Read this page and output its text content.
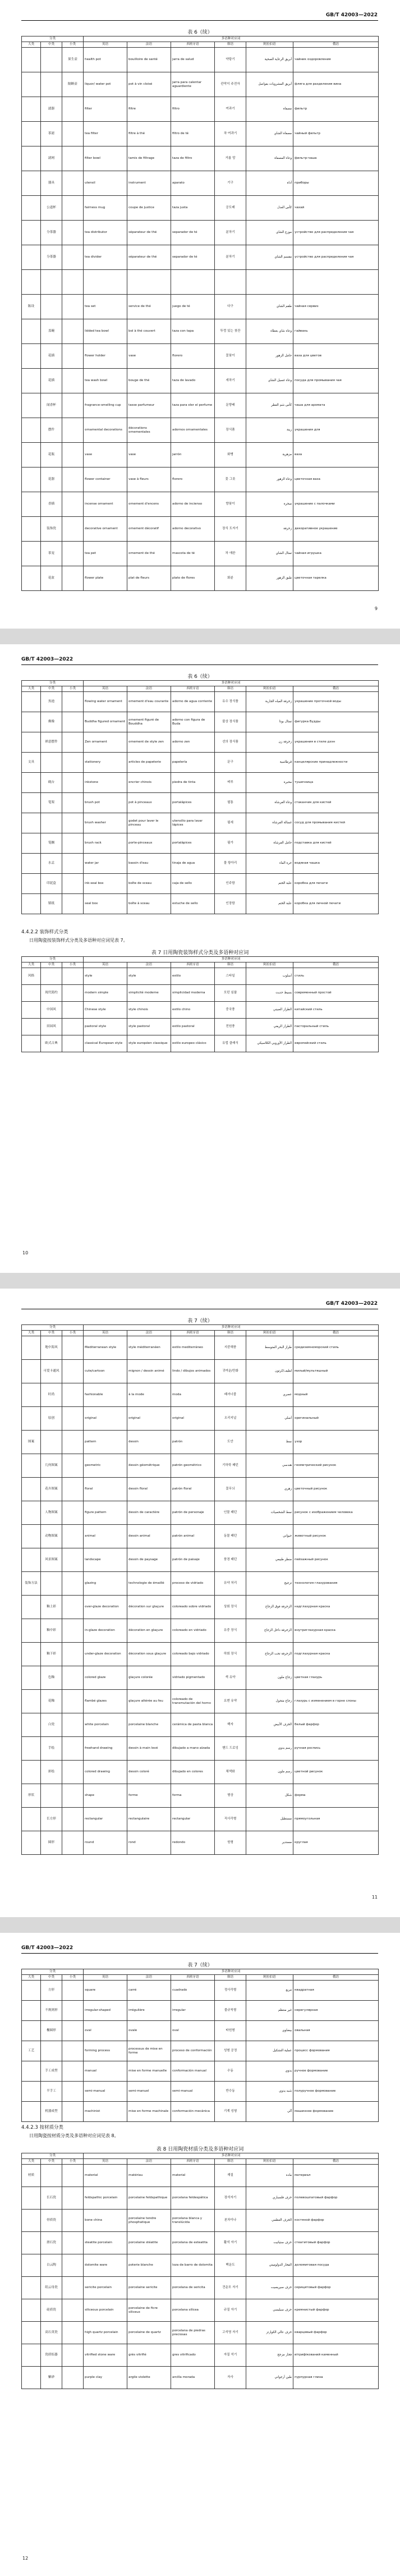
GB/T 42003—2022
表 6（续）
分类			多语种对应词					
大类	中类	小类	英语	法语	西班牙语	韩语	阿拉伯语	俄语
		果生壶	health pot	bouilloire de santé	jarra de salud	약탕기	أبريق الرعاية الصحية	чайник оздоровления
		隔断壶	liquor/ water pot	pot à vin cloisé	jarra para calentar aguardiente	칸막이 주전자	أبريق المشروبات بفواصل	фляга для разделения вина
	滤器		filter	filtre	filtro	여과기	مصفاة	фильтр
	茶滤		tea filter	filtre à thé	filtro de té	차 여과기	مصفاة الشاي	чайный фильтр
	滤网		filter bowl	tamis de filtrage	taza de filtro	거름 망	وعاء المصفاة	фильтр-чаша
	器具		utensil	instrument	aparato	기구	أداة	приборы
	公道杯		fairness mug	coupe de justice	taza justa	공도배	كأس العدل	чахай
	分茶器		tea distributor	séparateur de thé	separador de té	분차기	موزع الشاي	устройство для распределения чая
	分茶器		tea divider	séparateur de thé	separador de té	분차기	مقسم الشاي	устройство для распределения чая

陈设			tea set	service de thé	juego de té	다구	طقم الشاي	чайная сервиз
	盖碗		lidded tea bowl	bol à thé couvert	taza con tapa	뚜껑 있는 찻잔	وعاء شاي بغطاء	гайвань
	花插		flower holder	vase	florero	꽃꽂이	حامل الزهور	ваза для цветов
	花插		tea wash bowl	bouge de thé	taza de lavado	세차기	وعاء غسيل الشاي	посуда для промывания чая
	闻香杯		fragrance-smelling cup	tasse parfumeur	taza para oler el perfume	문향배	كأس شم العطر	чаша для аромата
	摆件		ornamental decorations	décorations ornementales	adornos ornamentales	장식품	زينة	украшения для
	花瓶		vase	vase	jarrón	화병	مزهرية	ваза
	花器		flower container	vase à fleurs	florero	꽃 그릇	وعاء الزهور	цветочная ваза
	香插		incense ornament	ornement d'encens	adorno de incienso	향꽂이	مبخرة	украшение с палочками
	装饰瓷		decorative ornament	ornement décoratif	adorno decorativo	장식 도자기	زخرفة	декоративное украшение
	茶宠		tea pet	ornement de thé	mascota de té	차 애완	تمثال الشاي	чайная игрушка
	花盆		flower plate	plat de fleurs	plato de flores	화분	طبق الزهور	цветочная тарелка
9
GB/T 42003—2022
表 6（续）
分类			多语种对应词					
大类	中类	小类	英语	法语	西班牙语	韩语	阿拉伯语	俄语
	魚池		flowing water ornament	ornement d'eau courante	adorno de agua corriente	유수 장식품	زخرفة المياه الجارية	украшение проточной воды
	佛像		Buddha figured ornament	ornement figuré de Bouddha	adorno con figura de Buda	불상 장식품	تمثال بوذا	фигурка Будды
	禅意摆件		Zen ornament	ornement de style zen	adorno zen	선의 장식품	زخرفة زن	украшения в стиле дзэн
文具			stationery	articles de papeterie	papelería	문구	قرطاسية	канцелярские принадлежности
	砚台		inkstone	encrier chinois	piedra de tinta	벼루	محبرة	тушечница
	笔架		brush pot	pot à pinceaux	portalápices	필통	وعاء الفرشاة	стаканчик для кистей
			brush washer	godet pour laver le pinceau	utensilio para lavar lápices	필세	غسالة الفرشاة	сосуд для промывания кистей
	笔搁		brush rack	porte-pinceaux	portalápices	필가	حامل الفرشاة	подставка для кистей
	水盂		water jar	bassin d'eau	tinaja de agua	물 항아리	جرة الماء	водяная чашка
	印泥盒		ink-seal box	boîte de sceau	caja de sello	인주함	علبة الختم	коробка для печати
	镇纸		seal box	boîte à sceau	estuche de sello	인장함	علبة الختم	коробка для личной печати
4.4.2.2 装饰样式分类
日用陶瓷按装饰样式分类及多语种对应词见表 7。
表 7 日用陶瓷装饰样式分类及多语种对应词
分类			多语种对应词					
大类	中类	小类	英语	法语	西班牙语	韩语	阿拉伯语	俄语
风格			style	style	estilo	스타일	أسلوب	стиль
	现代简约		modern simple	simplicité moderne	simplicidad moderna	모던 심플	بسيط حديث	современный простой
	中国风		Chinese style	style chinois	estilo chino	중국풍	الطراز الصيني	китайский стиль
	田园风		pastoral style	style pastoral	estilo pastoral	전원풍	الطراز الريفي	пасторальный стиль
	欧式古典		classical European style	style européen classique	estilo europeo clásico	유럽 클래식	الطراز الأوروبي الكلاسيكي	европейский стиль
10
GB/T 42003—2022
表 7（续）
分类			多语种对应词					
大类	中类	小类	英语	法语	西班牙语	韩语	阿拉伯语	俄语
	地中海风		Mediterranean style	style méditerranéen	estilo mediterráneo	지중해풍	طراز البحر المتوسط	средиземноморский стиль
	可爱卡通风		cute/cartoon	mignon / dessin animé	lindo / dibujos animados	귀여운/만화	لطيف/كرتون	милый/мультяшный
	时尚		fashionable	à la mode	moda	패셔너블	عصري	модный
	原创		original	original	original	오리지널	أصلي	оригинальный
图案			pattern	dessin	patrón	도안	نمط	узор
	几何图案		geometric	dessin géométrique	patrón geométrico	기하학 패턴	هندسي	геометрический рисунок
	花卉图案		floral	dessin floral	patrón floral	꽃무늬	زهري	цветочный рисунок
	人物图案		figure pattern	dessin de caractère	patrón de personaje	인물 패턴	نمط الشخصيات	рисунок с изображением человека
	动物图案		animal	dessin animal	patrón animal	동물 패턴	حيواني	животный рисунок
	风景图案		landscape	dessin de paysage	patrón de paisaje	풍경 패턴	منظر طبيعي	пейзажный рисунок
装饰方法			glazing	technologie de émaillé	proceso de vidriado	유약 처리	تزجيج	технология глазурования
	釉上彩		over-glaze decoration	décoration sur glaçure	coloreado sobre vidriado	상회 장식	الزخرفة فوق الزجاج	надглазурная краска
	釉中彩		in-glaze decoration	décoration en glaçure	coloreado en vidriado	유중 장식	الزخرفة داخل الزجاج	внутриглазурная краска
	釉下彩		under-glaze decoration	décoration sous glaçure	coloreado bajo vidriado	하회 장식	الزخرفة تحت الزجاج	подглазурная краска
	色釉		colored glaze	glaçure colorée	vidriado pigmentado	색 유약	زجاج ملون	цветная глазурь
	花釉		flambé glazes	glaçure altérée au feu	coloreado de transmutación del horno	요변 유약	زجاج متحول	глазурь с изменением в горне слоны
	白瓷		white porcelain	porcelaine blanche	cerámica de pasta blanca	백자	الخزف الأبيض	белый фарфор
	手绘		freehand drawing	dessin à main levé	dibujado a mano alzada	핸드 드로잉	رسم يدوي	ручная роспись
	彩绘		colored drawing	dessin coloré	dibujado en colores	채색화	رسم ملون	цветной рисунок
形状			shape	forme	forma	형상	شكل	форма
	长方形		rectangular	rectangulaire	rectangular	직사각형	مستطيل	прямоугольная
	圆形		round	rond	redondo	원형	مستدير	круглая
11
GB/T 42003—2022
表 7（续）
分类			多语种对应词					
大类	中类	小类	英语	法语	西班牙语	韩语	阿拉伯语	俄语
	方形		square	carré	cuadrado	정사각형	مربع	квадратная
	不规则形		irregular-shaped	irrégulière	irregular	불규칙형	غير منتظم	нерегулярная
	椭圆形		oval	ovale	oval	타원형	بيضاوي	овальная
工艺			forming process	processus de mise en forme	proceso de conformación	성형 공정	عملية التشكيل	процесс формования
	手工成型		manual	mise en forme manuelle	conformación manual	수동	يدوي	ручное формование
	半手工		semi-manual	semi-manuel	semi-manual	반수동	شبه يدوي	полуручное формование
	机器成型		machinist	mise en forme machinale	conformación mecánica	기계 성형	آلي	машинное формование
4.4.2.3 按材质分类
日用陶瓷按材质分类及多语种对应词见表 8。
表 8 日用陶瓷材质分类及多语种对应词
分类			多语种对应词					
大类	中类	小类	英语	法语	西班牙语	韩语	阿拉伯语	俄语
材质			material	matériau	material	재질	مادة	материал
	长石瓷		feldspathic porcelain	porcelaine feldspathique	porcelana feldespática	장석자기	خزف فلسباري	полевошпатовый фарфор
	骨质瓷		bone china	porcelaine tendre phosphatique	porcelana blanca y translúcida	본차이나	الخزف العظمي	костяной фарфор
	滑石瓷		steatite porcelain	porcelaine stéatite	porcelana de esteatita	활석 자기	خزف ستياتيت	стеатитовый фарфор
	白云陶		dolomite ware	poterie blanche	loza de barro de dolomita	백운도	الفخار الدولوميتي	доломитовая посуда
	绢云母瓷		sericite porcelain	porcelaine sericite	porcelana de sericita	견운모 자기	خزف سيريسيت	серицитовый фарфор
	硅质瓷		siliceous porcelain	porcelaine de ficre siliceux	porcelana silícea	규질 자기	خزف سيليسي	кремнистый фарфор
	高石英瓷		high quartz porcelain	porcelaine de quartz	porcelana de piedras preciosas	고석영 자기	خزف عالي الكوارتز	кварцевый фарфор
	瓷质炻器		vitrified stone ware	grès vitrifié	gres vitrificado	자질 석기	فخار مزجج	вітрифікований каменный
	紫砂		purple clay	argile violette	arcilla morada	자사	طين أرجواني	пурпурная глина
12
